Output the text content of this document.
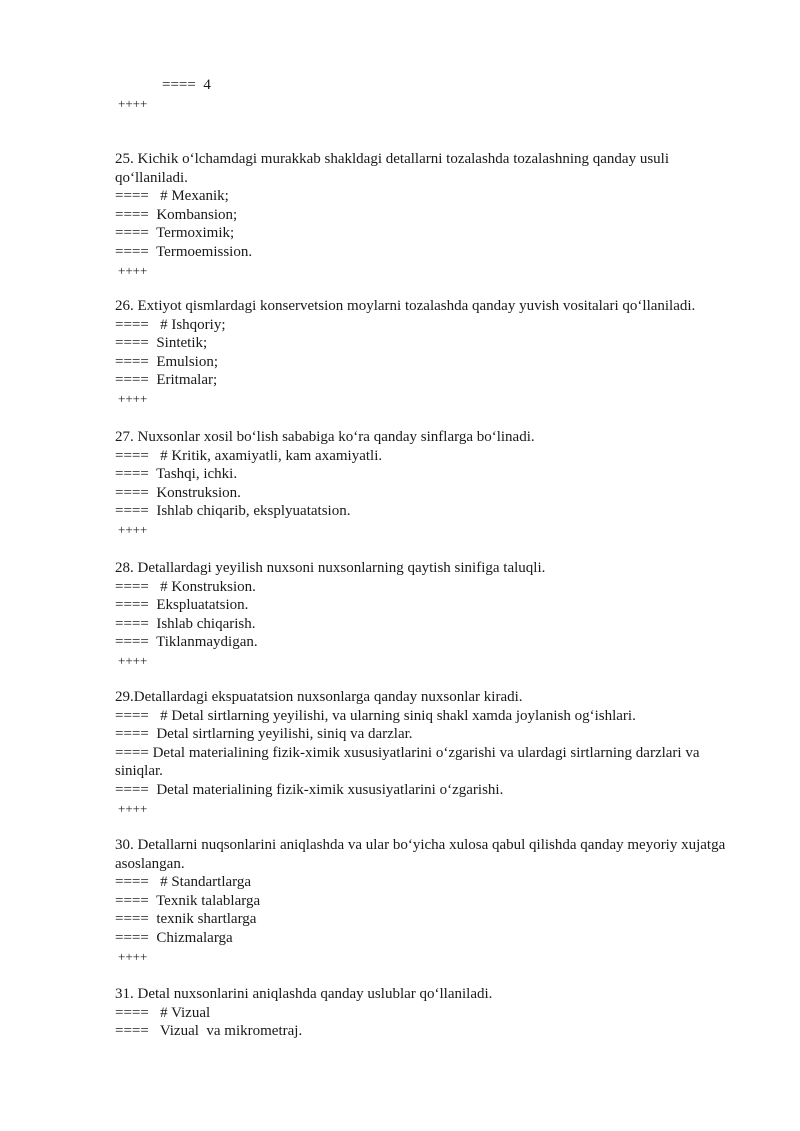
====  4
++++
25. Kichik o‘lchamdagi murakkab shakldagi detallarni tozalashda tozalashning qanday usuli qo‘llaniladi.
====   # Mexanik;
====  Kombansion;
====  Termoximik;
====  Termoemission.
++++
26. Extiyot qismlardagi konservetsion moylarni tozalashda qanday yuvish vositalari qo‘llaniladi.
====   # Ishqoriy;
====  Sintetik;
====  Emulsion;
====  Eritmalar;
++++
27. Nuxsonlar xosil bo‘lish sababiga ko‘ra qanday sinflarga bo‘linadi.
====   # Kritik, axamiyatli, kam axamiyatli.
====  Tashqi, ichki.
====  Konstruksion.
====  Ishlab chiqarib, eksplyuatatsion.
++++
28. Detallardagi yeyilish nuxsoni nuxsonlarning qaytish sinifiga taluqli.
====   # Konstruksion.
====  Ekspluatatsion.
====  Ishlab chiqarish.
====  Tiklanmaydigan.
++++
29.Detallardagi ekspuatatsion nuxsonlarga qanday nuxsonlar kiradi.
====   # Detal sirtlarning yeyilishi, va ularning siniq shakl xamda joylanish og‘ishlari.
====  Detal sirtlarning yeyilishi, siniq va darzlar.
==== Detal materialining fizik-ximik xususiyatlarini o‘zgarishi va ulardagi sirtlarning darzlari va siniqlar.
====  Detal materialining fizik-ximik xususiyatlarini o‘zgarishi.
++++
30. Detallarni nuqsonlarini aniqlashda va ular bo‘yicha xulosa qabul qilishda qanday meyoriy xujatga asoslangan.
====   # Standartlarga
====  Texnik talablarga
====  texnik shartlarga
====  Chizmalarga
++++
31. Detal nuxsonlarini aniqlashda qanday uslublar qo‘llaniladi.
====   # Vizual
====   Vizual  va mikrometraj.
